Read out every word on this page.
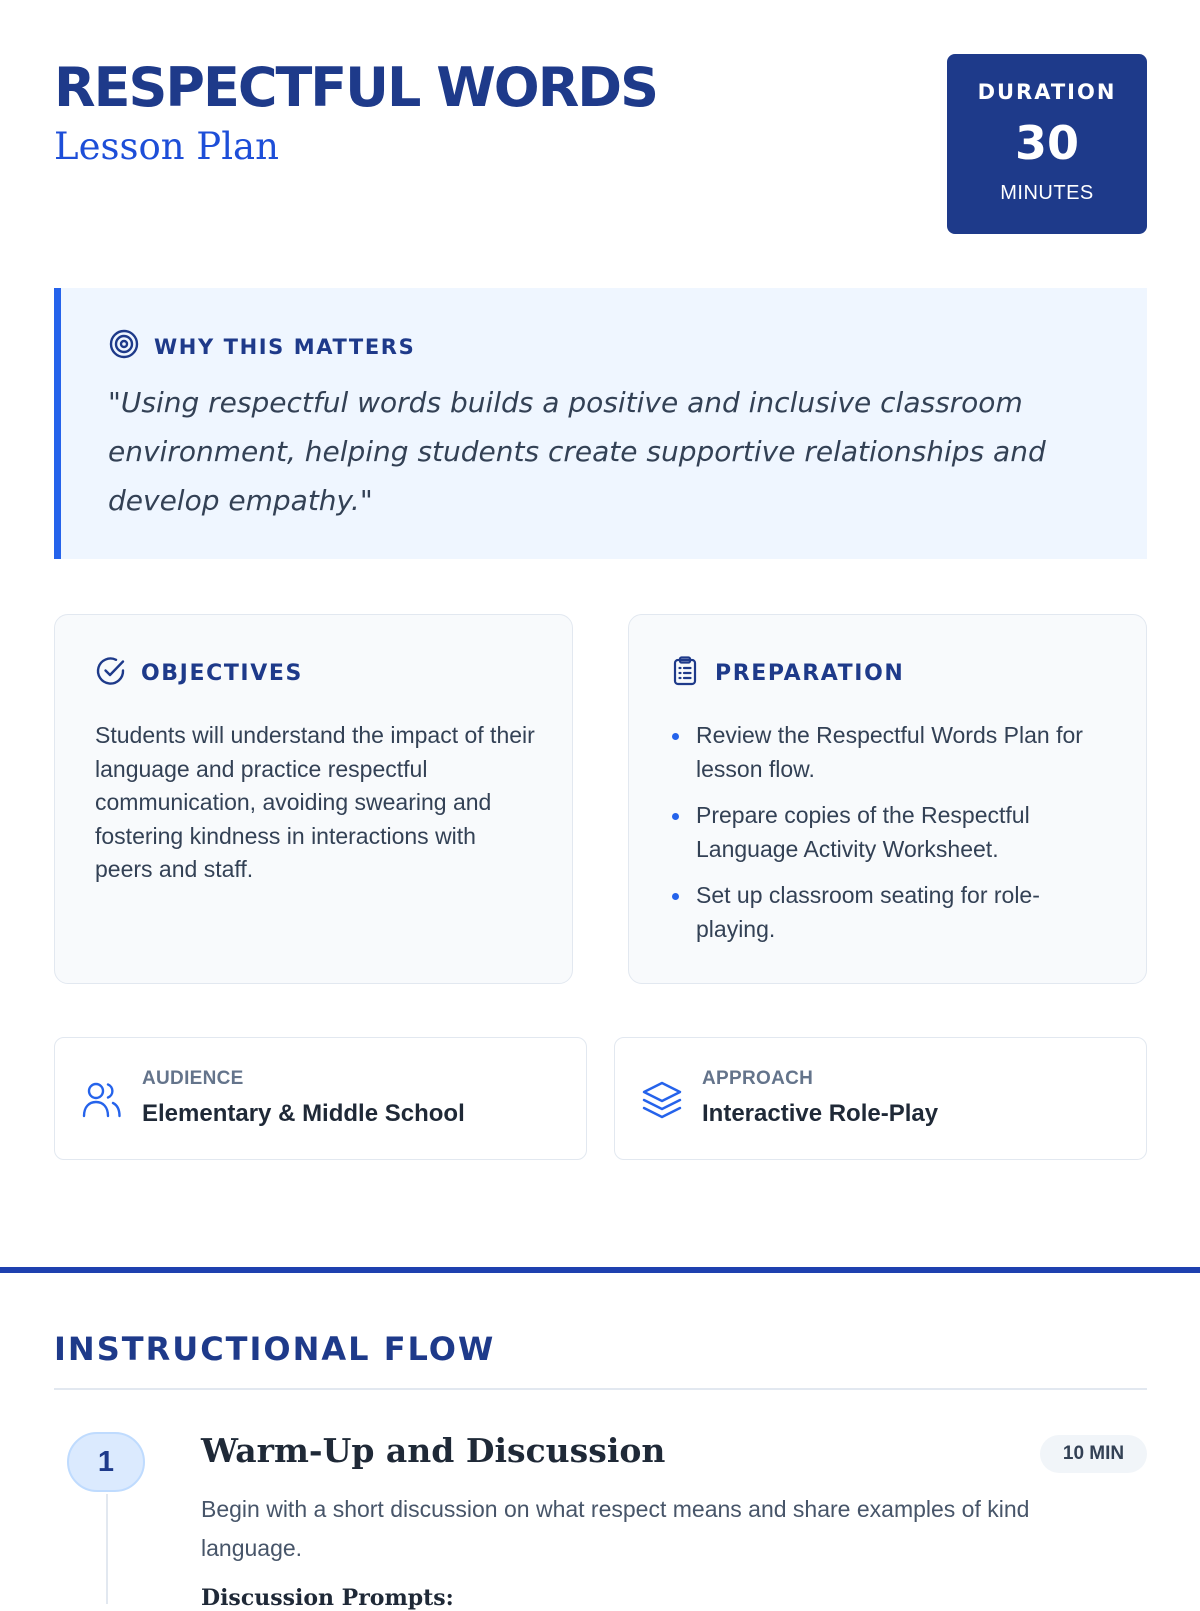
RESPECTFUL WORDS
Lesson Plan
DURATION
30
MINUTES
WHY THIS MATTERS
"Using respectful words builds a positive and inclusive classroom environment, helping students create supportive relationships and develop empathy."
OBJECTIVES
Students will understand the impact of their language and practice respectful communication, avoiding swearing and fostering kindness in interactions with peers and staff.
PREPARATION
Review the Respectful Words Plan for lesson flow.
Prepare copies of the Respectful Language Activity Worksheet.
Set up classroom seating for role-playing.
AUDIENCE
Elementary & Middle School
APPROACH
Interactive Role-Play
INSTRUCTIONAL FLOW
1	Warm-Up and Discussion	10 MIN
Begin with a short discussion on what respect means and share examples of kind language.
Discussion Prompts:
